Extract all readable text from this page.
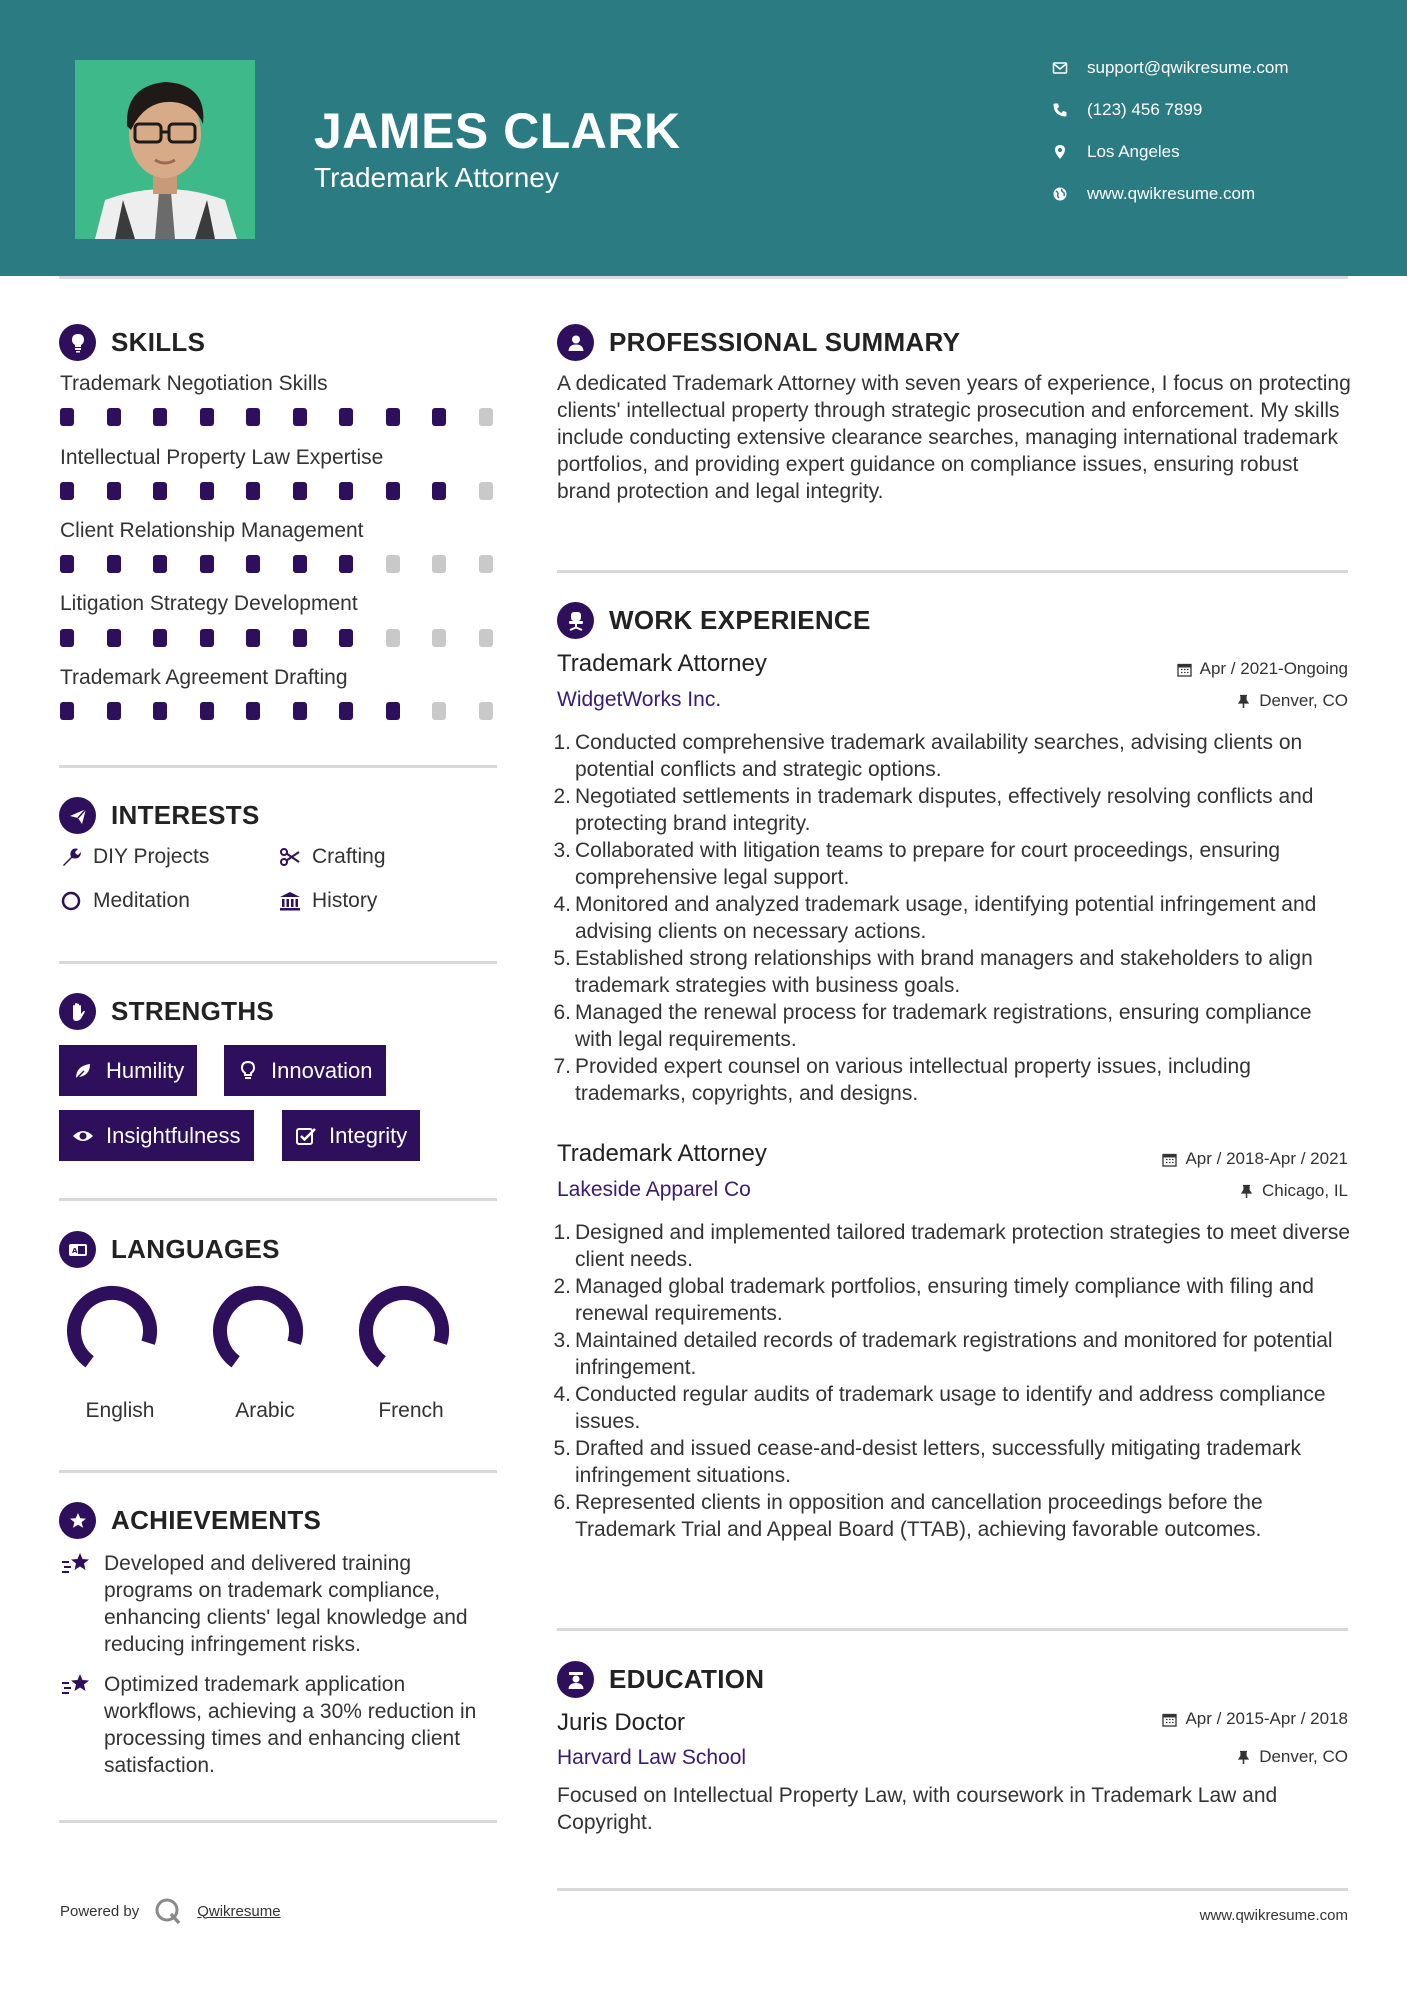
JAMES CLARK
Trademark Attorney
support@qwikresume.com
(123) 456 7899
Los Angeles
www.qwikresume.com
SKILLS
Trademark Negotiation Skills
Intellectual Property Law Expertise
Client Relationship Management
Litigation Strategy Development
Trademark Agreement Drafting
INTERESTS
DIY Projects	Crafting
Meditation	History
STRENGTHS
Humility	Innovation
Insightfulness	Integrity
A LANGUAGES
English	Arabic	French
ACHIEVEMENTS
Developed and delivered training programs on trademark compliance, enhancing clients' legal knowledge and reducing infringement risks.
Optimized trademark application workflows, achieving a 30% reduction in processing times and enhancing client satisfaction.
PROFESSIONAL SUMMARY
A dedicated Trademark Attorney with seven years of experience, I focus on protecting clients' intellectual property through strategic prosecution and enforcement. My skills include conducting extensive clearance searches, managing international trademark portfolios, and providing expert guidance on compliance issues, ensuring robust brand protection and legal integrity.
WORK EXPERIENCE
Trademark Attorney	Apr / 2021-Ongoing
WidgetWorks Inc.	Denver, CO
1. Conducted comprehensive trademark availability searches, advising clients on potential conflicts and strategic options.
2. Negotiated settlements in trademark disputes, effectively resolving conflicts and protecting brand integrity.
3. Collaborated with litigation teams to prepare for court proceedings, ensuring comprehensive legal support.
4. Monitored and analyzed trademark usage, identifying potential infringement and advising clients on necessary actions.
5. Established strong relationships with brand managers and stakeholders to align trademark strategies with business goals.
6. Managed the renewal process for trademark registrations, ensuring compliance with legal requirements.
7. Provided expert counsel on various intellectual property issues, including trademarks, copyrights, and designs.
Trademark Attorney	Apr / 2018-Apr / 2021
Lakeside Apparel Co	Chicago, IL
1. Designed and implemented tailored trademark protection strategies to meet diverse client needs.
2. Managed global trademark portfolios, ensuring timely compliance with filing and renewal requirements.
3. Maintained detailed records of trademark registrations and monitored for potential infringement.
4. Conducted regular audits of trademark usage to identify and address compliance issues.
5. Drafted and issued cease-and-desist letters, successfully mitigating trademark infringement situations.
6. Represented clients in opposition and cancellation proceedings before the Trademark Trial and Appeal Board (TTAB), achieving favorable outcomes.
EDUCATION
Juris Doctor	Apr / 2015-Apr / 2018
Harvard Law School	Denver, CO
Focused on Intellectual Property Law, with coursework in Trademark Law and Copyright.
Powered by	Qwikresume	www.qwikresume.com
